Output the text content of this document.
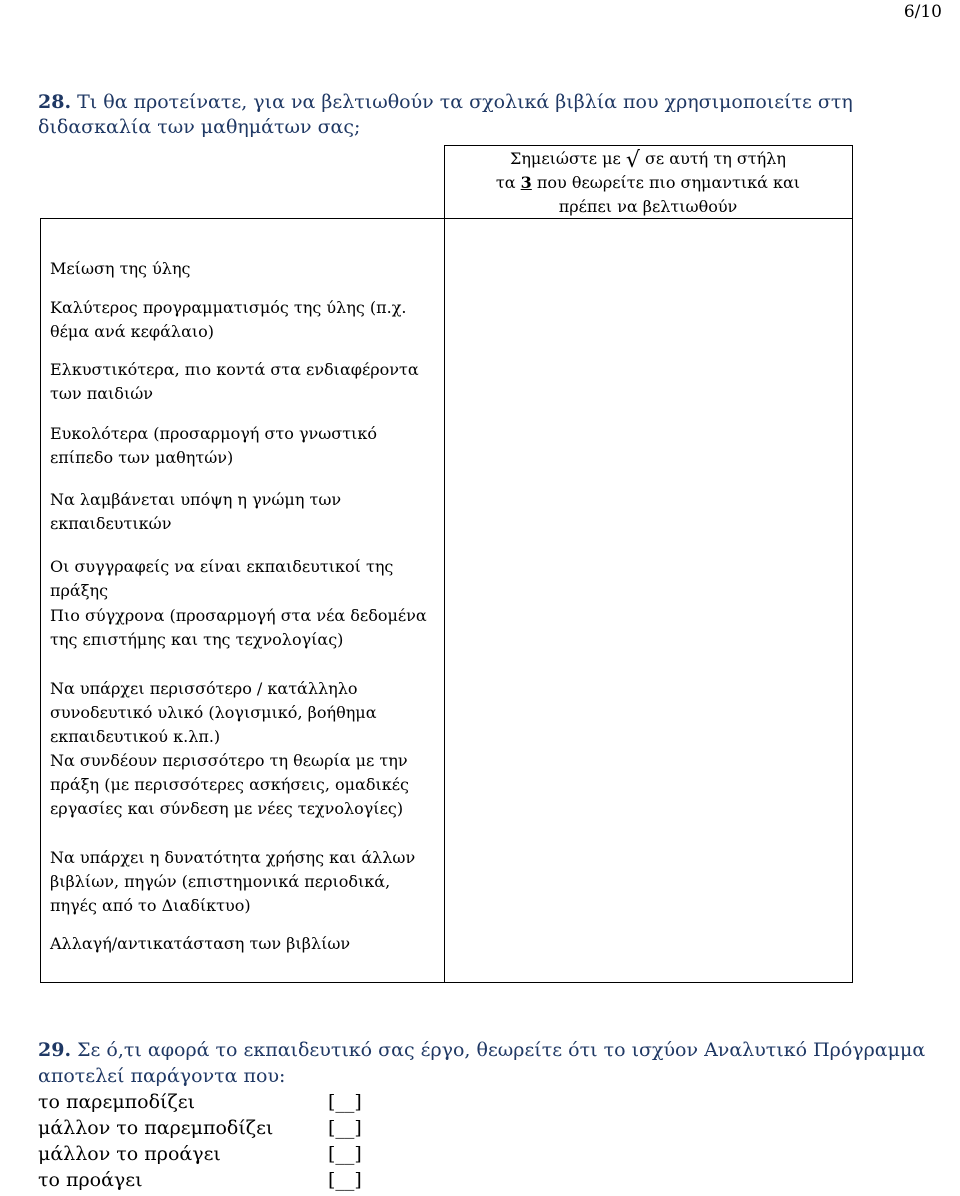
6/10
28. Τι θα προτείνατε, για να βελτιωθούν τα σχολικά βιβλία που χρησιμοποιείτε στη διδασκαλία των μαθημάτων σας;
Σημειώστε με √ σε αυτή τη στήλη
τα 3 που θεωρείτε πιο σημαντικά και
πρέπει να βελτιωθούν
Μείωση της ύλης
Καλύτερος προγραμματισμός της ύλης (π.χ. θέμα ανά κεφάλαιο)
Ελκυστικότερα, πιο κοντά στα ενδιαφέροντα των παιδιών
Ευκολότερα (προσαρμογή στο γνωστικό επίπεδο των μαθητών)
Να λαμβάνεται υπόψη η γνώμη των εκπαιδευτικών
Οι συγγραφείς να είναι εκπαιδευτικοί της πράξης
Πιο σύγχρονα (προσαρμογή στα νέα δεδομένα της επιστήμης και της τεχνολογίας)
Να υπάρχει περισσότερο / κατάλληλο συνοδευτικό υλικό (λογισμικό, βοήθημα εκπαιδευτικού κ.λπ.)
Να συνδέουν περισσότερο τη θεωρία με την πράξη (με περισσότερες ασκήσεις, ομαδικές εργασίες και σύνδεση με νέες τεχνολογίες)
Να υπάρχει η δυνατότητα χρήσης και άλλων βιβλίων, πηγών (επιστημονικά περιοδικά, πηγές από το Διαδίκτυο)
Αλλαγή/αντικατάσταση των βιβλίων
29. Σε ό,τι αφορά το εκπαιδευτικό σας έργο, θεωρείτε ότι το ισχύον Αναλυτικό Πρόγραμμα αποτελεί παράγοντα που:
το παρεμποδίζει	[__]
μάλλον το παρεμποδίζει	[__]
μάλλον το προάγει	[__]
το προάγει	[__]
